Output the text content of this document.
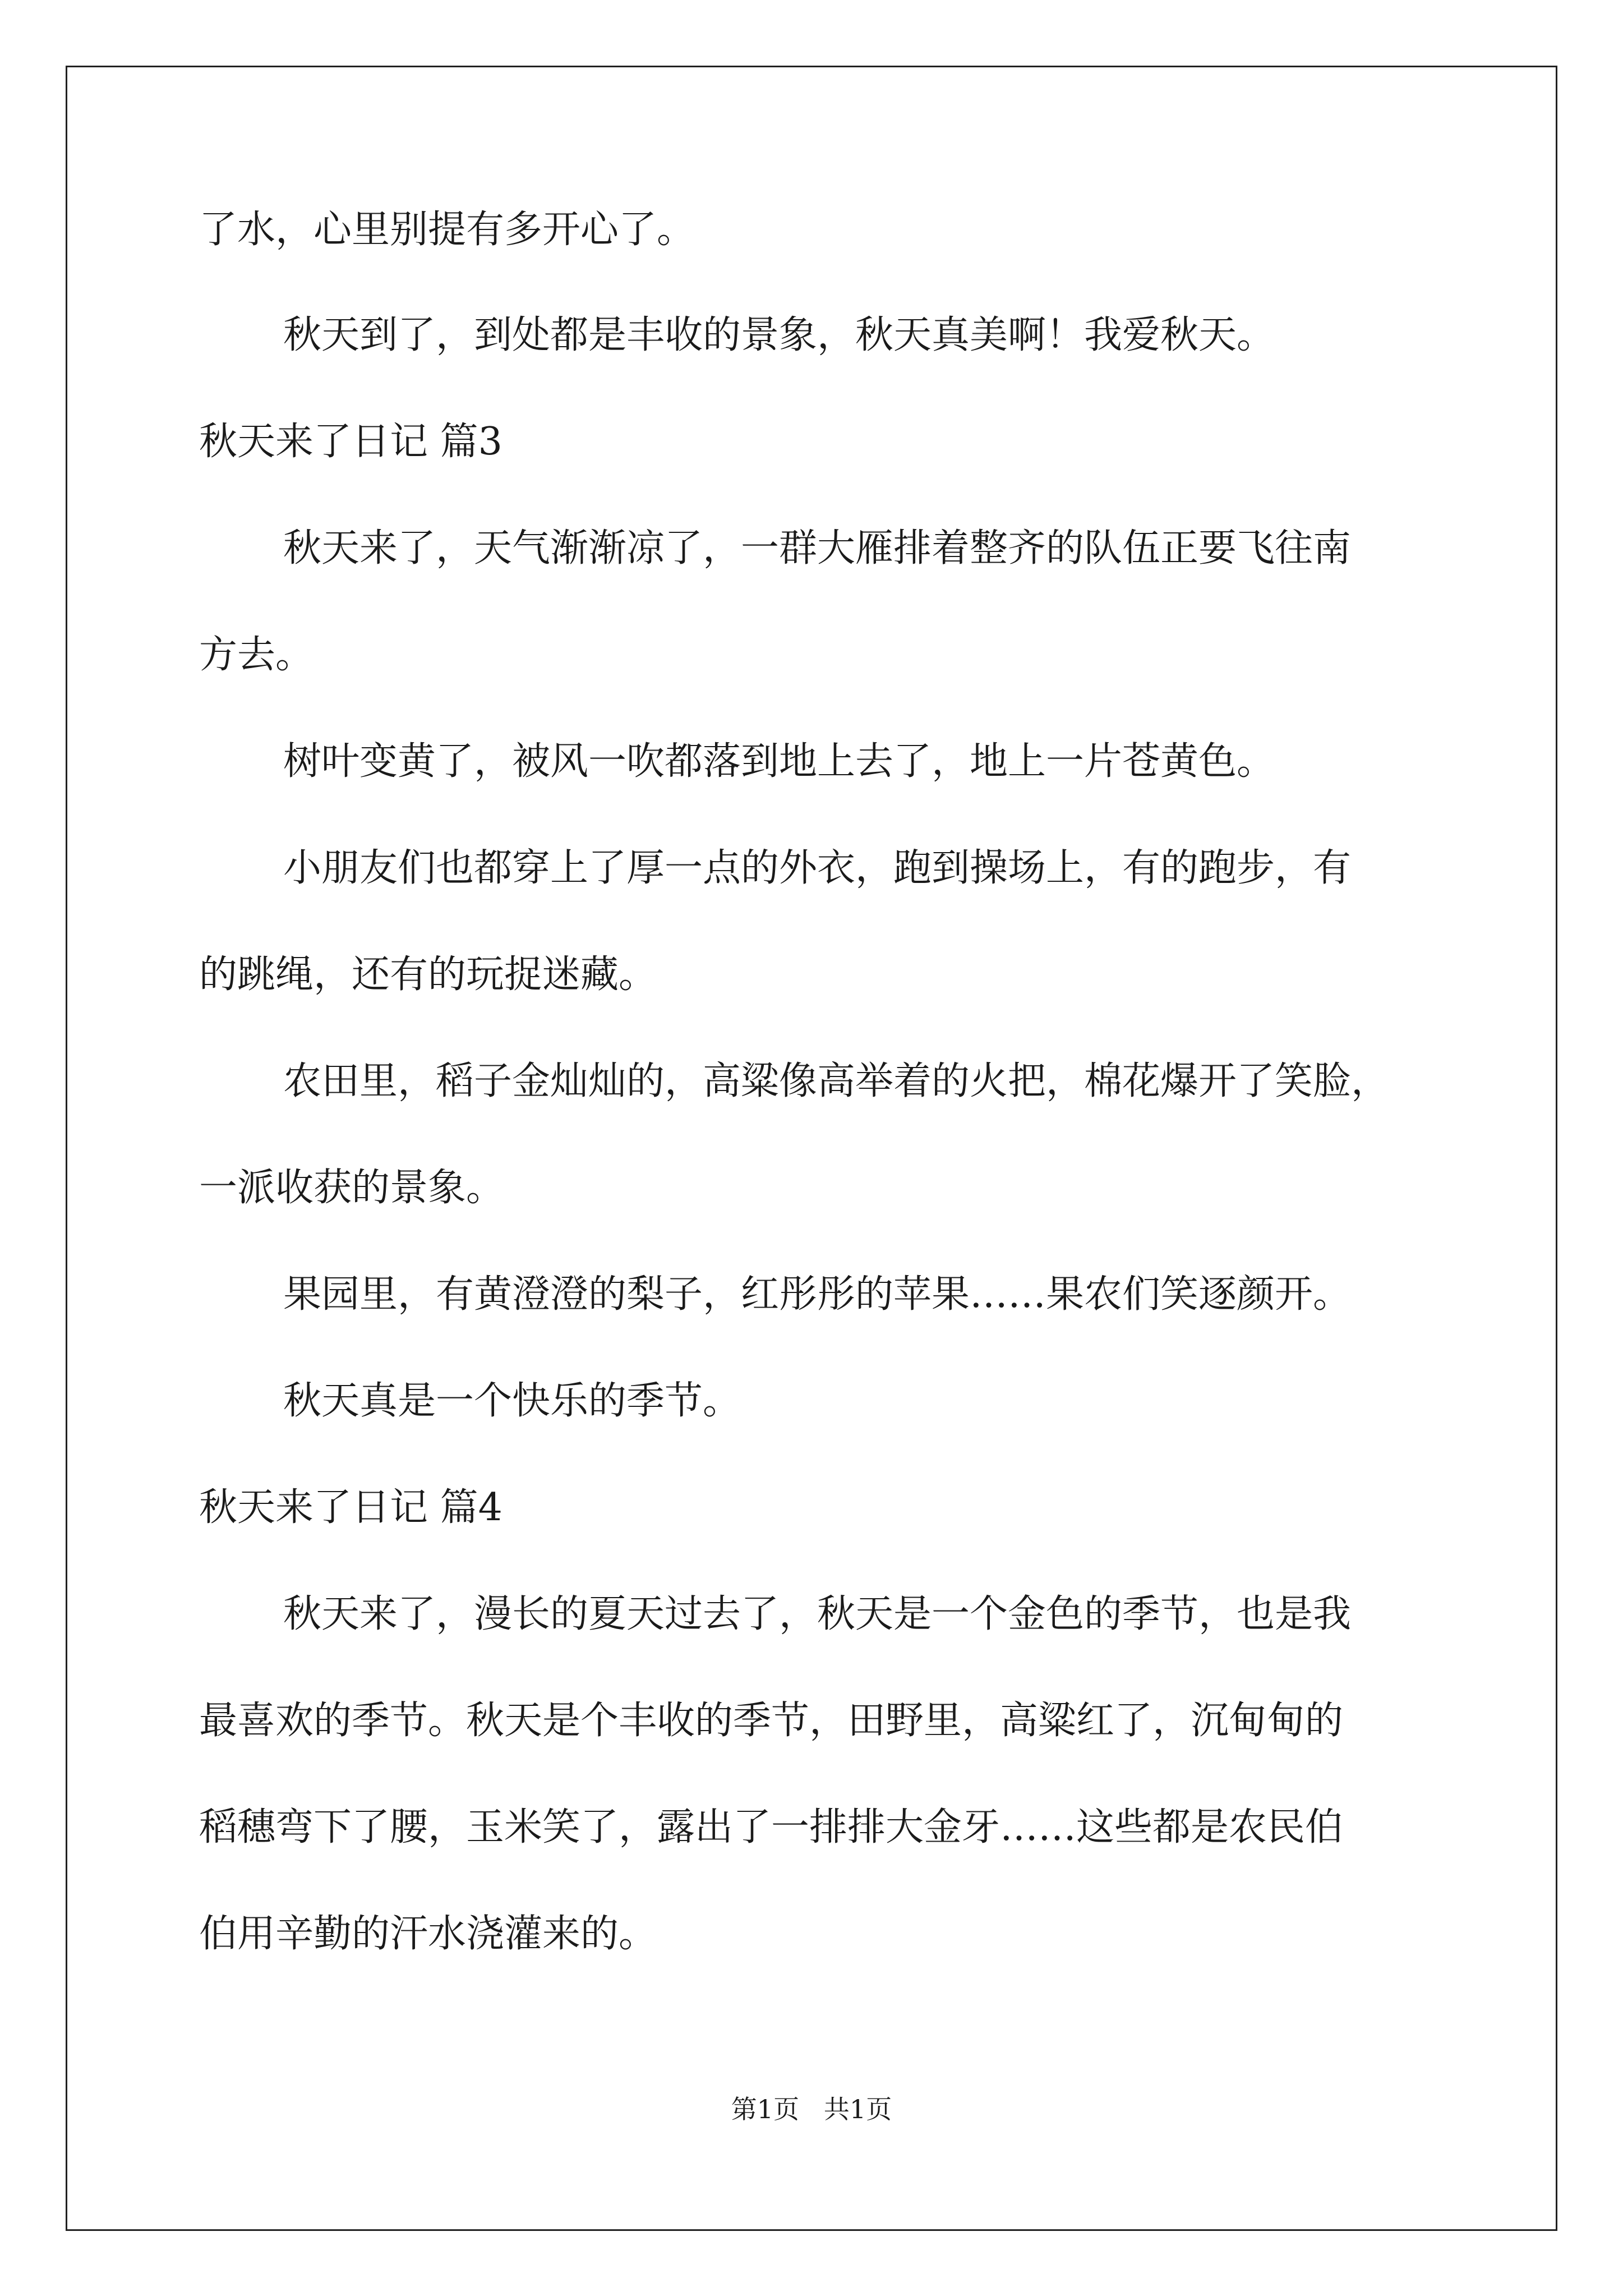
了水，心里别提有多开心了。
秋天到了，到处都是丰收的景象，秋天真美啊！我爱秋天。
秋天来了日记 篇3
秋天来了，天气渐渐凉了，一群大雁排着整齐的队伍正要飞往南
方去。
树叶变黄了，被风一吹都落到地上去了，地上一片苍黄色。
小朋友们也都穿上了厚一点的外衣，跑到操场上，有的跑步，有
的跳绳，还有的玩捉迷藏。
农田里，稻子金灿灿的，高粱像高举着的火把，棉花爆开了笑脸，
一派收获的景象。
果园里，有黄澄澄的梨子，红彤彤的苹果……果农们笑逐颜开。
秋天真是一个快乐的季节。
秋天来了日记 篇4
秋天来了，漫长的夏天过去了，秋天是一个金色的季节，也是我
最喜欢的季节。秋天是个丰收的季节，田野里，高粱红了，沉甸甸的
稻穗弯下了腰，玉米笑了，露出了一排排大金牙……这些都是农民伯
伯用辛勤的汗水浇灌来的。
第1页   共1页
